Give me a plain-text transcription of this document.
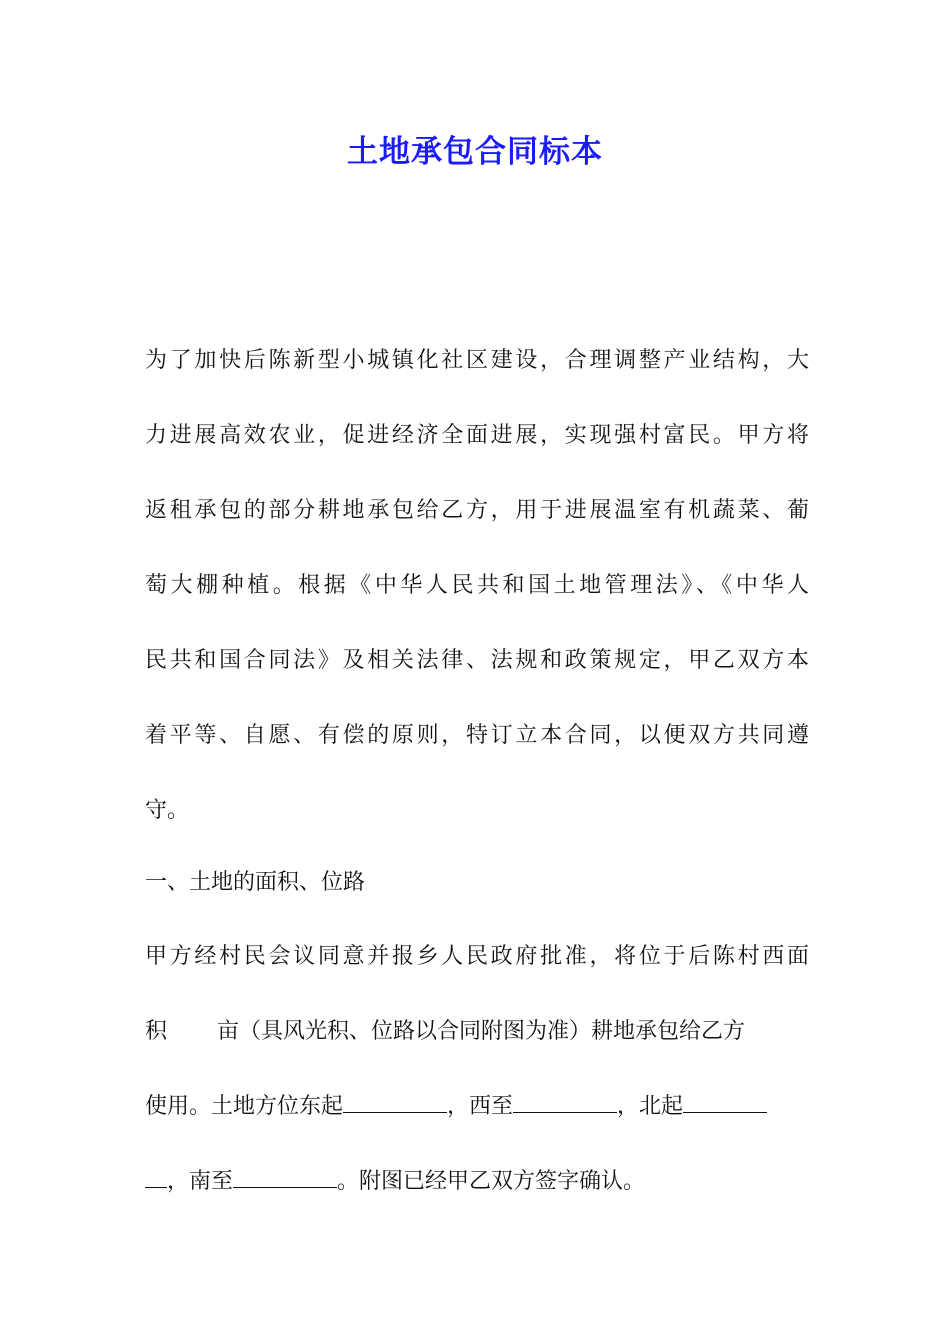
土地承包合同标本
为了加快后陈新型小城镇化社区建设，合理调整产业结构，大
力进展高效农业，促进经济全面进展，实现强村富民。甲方将
返租承包的部分耕地承包给乙方，用于进展温室有机蔬菜、葡
萄大棚种植。根据《中华人民共和国土地管理法》、《中华人
民共和国合同法》及相关法律、法规和政策规定，甲乙双方本
着平等、自愿、有偿的原则，特订立本合同，以便双方共同遵
守。
一、土地的面积、位路
甲方经村民会议同意并报乡人民政府批准，将位于后陈村西面
积 亩（具风光积、位路以合同附图为准）耕地承包给乙方
使用。土地方位东起	，西至	，北起
，南至	。附图已经甲乙双方签字确认。
